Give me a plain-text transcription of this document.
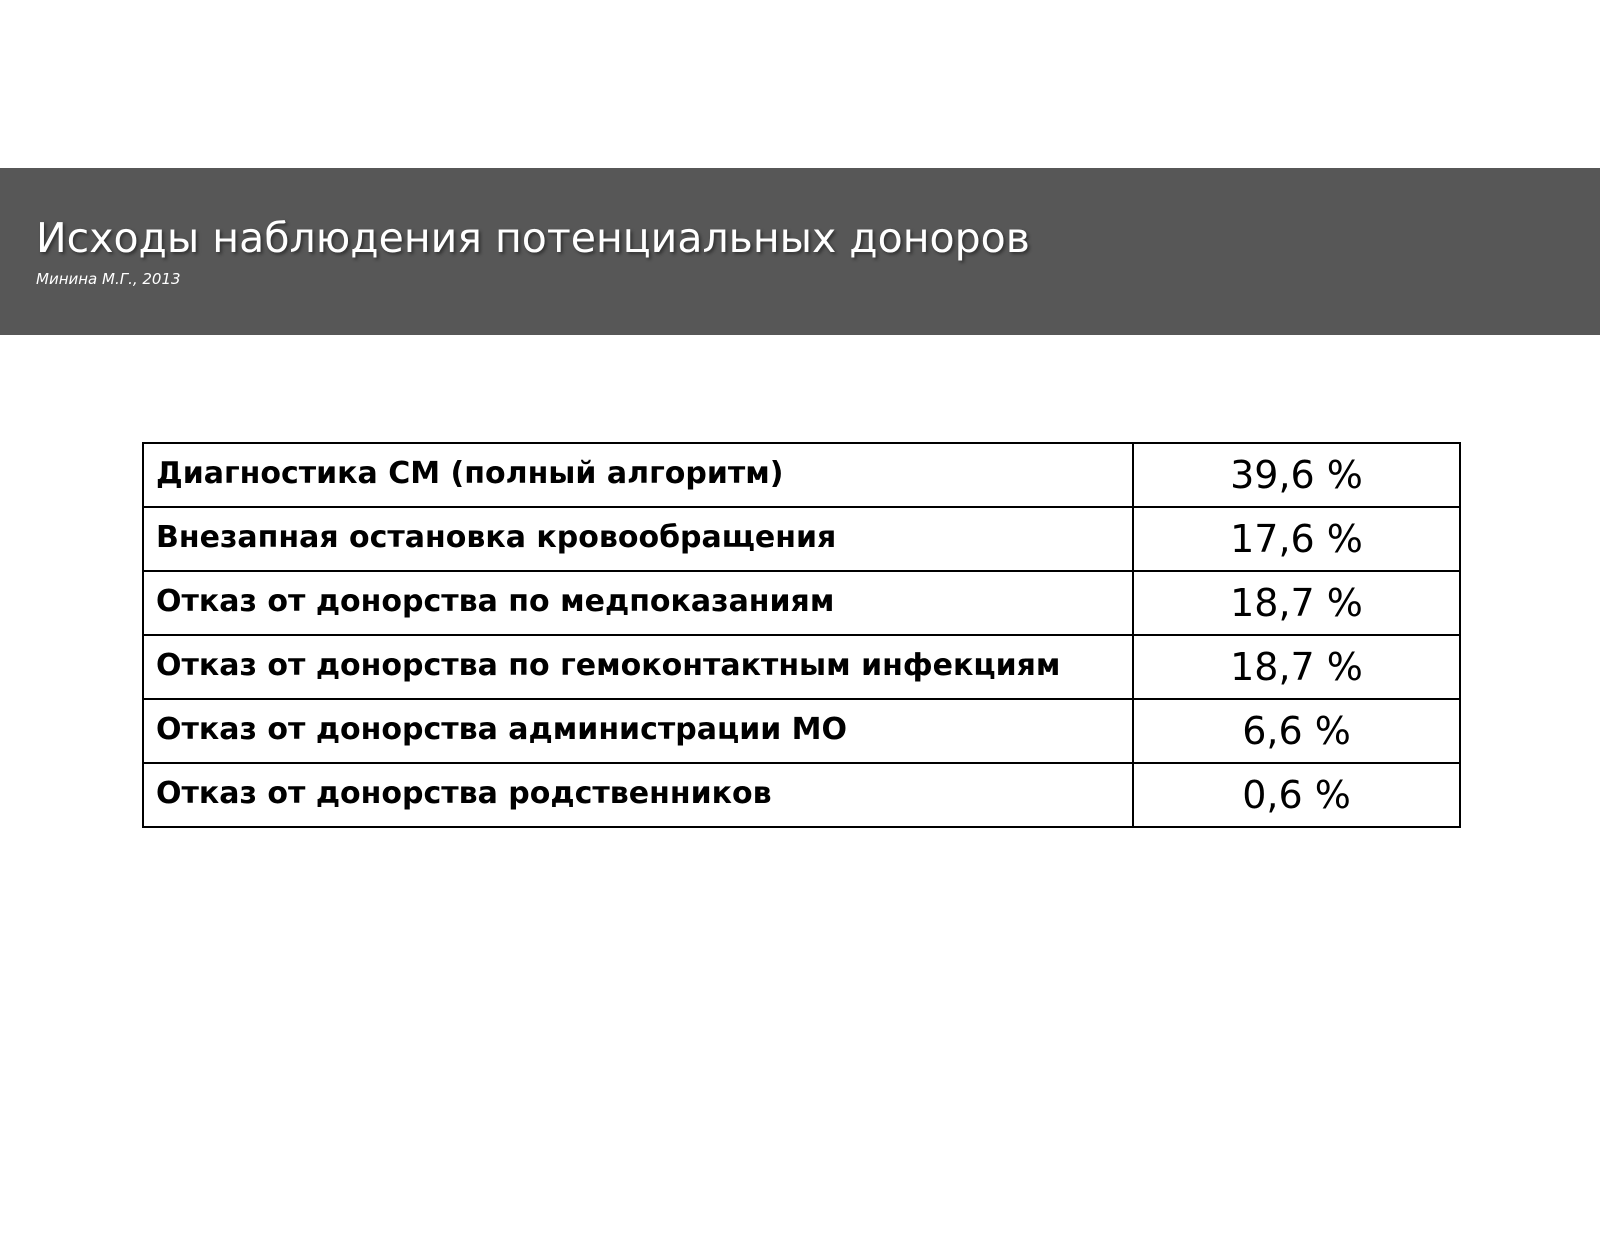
Исходы наблюдения потенциальных доноров

Минина М.Г., 2013

Диагностика СМ (полный алгоритм)	39,6 %
Внезапная остановка кровообращения	17,6 %
Отказ от донорства по медпоказаниям	18,7 %
Отказ от донорства по гемоконтактным инфекциям	18,7 %
Отказ от донорства администрации МО	6,6 %
Отказ от донорства родственников	0,6 %
